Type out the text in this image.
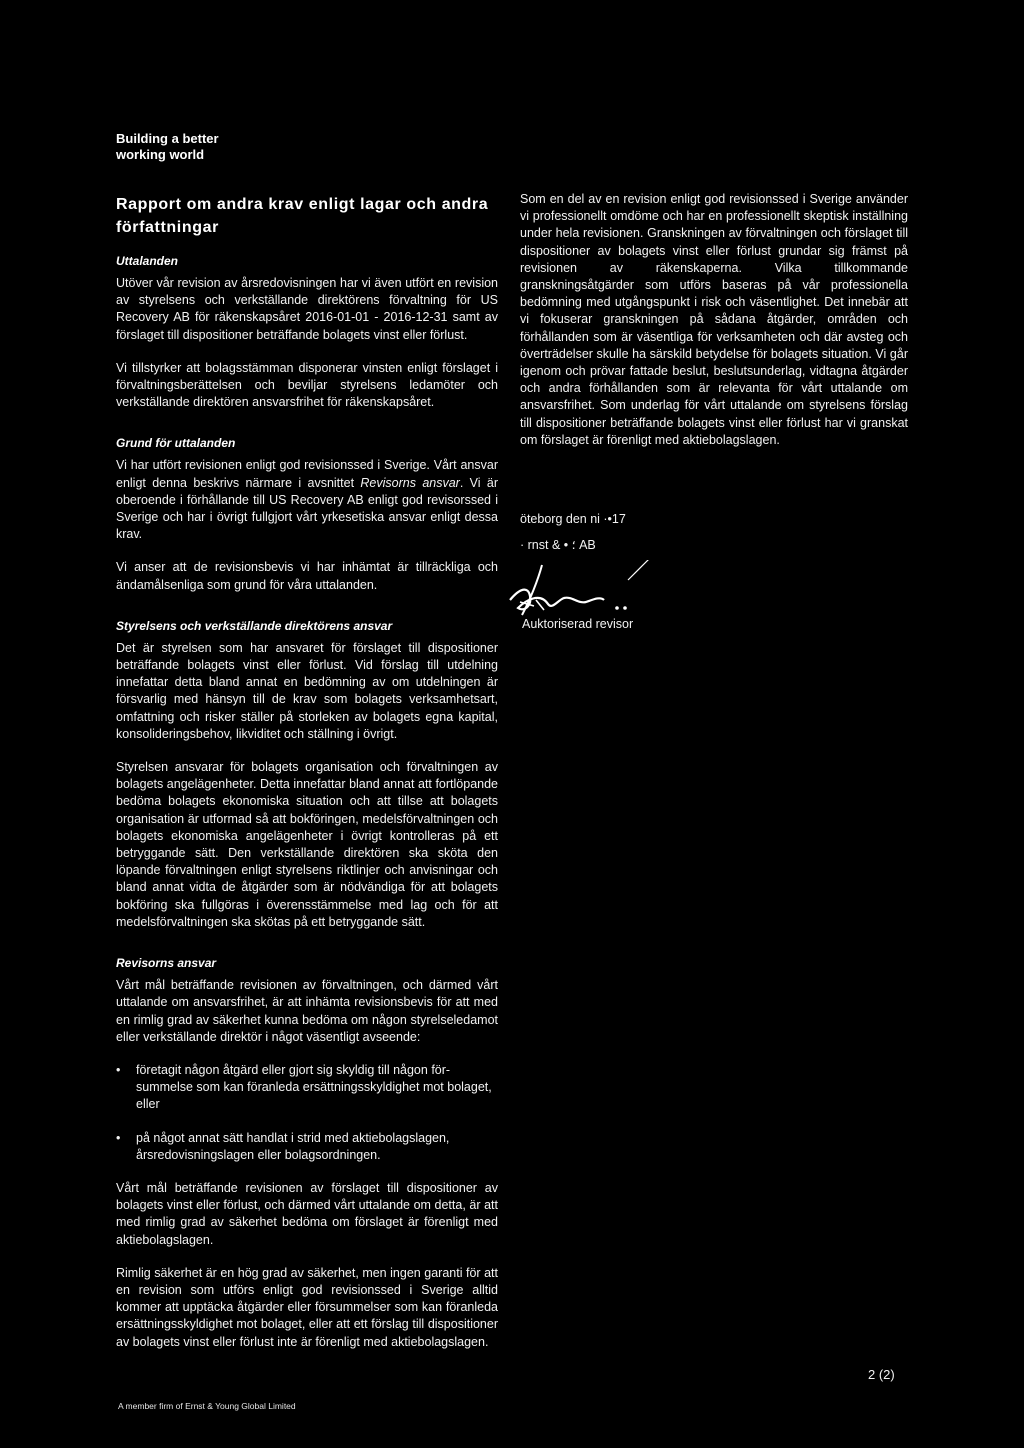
Building a better
working world
Rapport om andra krav enligt lagar och andra författningar
Uttalanden

Utöver vår revision av årsredovisningen har vi även utfört en revision av styrelsens och verkställande direktörens förvaltning för US Recovery AB för räkenskapsåret 2016-01-01 - 2016-12-31 samt av förslaget till dispositioner beträffande bolagets vinst eller förlust.

Vi tillstyrker att bolagsstämman disponerar vinsten enligt förslaget i förvaltningsberättelsen och beviljar styrelsens ledamöter och verkställande direktören ansvarsfrihet för räkenskapsåret.

Grund för uttalanden

Vi har utfört revisionen enligt god revisionssed i Sverige. Vårt ansvar enligt denna beskrivs närmare i avsnittet Revisorns ansvar. Vi är oberoende i förhållande till US Recovery AB enligt god revisorssed i Sverige och har i övrigt fullgjort vårt yrkesetiska ansvar enligt dessa krav.

Vi anser att de revisionsbevis vi har inhämtat är tillräckliga och ändamålsenliga som grund för våra uttalanden.

Styrelsens och verkställande direktörens ansvar

Det är styrelsen som har ansvaret för förslaget till dispositioner beträffande bolagets vinst eller förlust. Vid förslag till utdelning innefattar detta bland annat en bedömning av om utdelningen är försvarlig med hänsyn till de krav som bolagets verksamhetsart, omfattning och risker ställer på storleken av bolagets egna kapital, konsolideringsbehov, likviditet och ställning i övrigt.

Styrelsen ansvarar för bolagets organisation och förvaltningen av bolagets angelägenheter. Detta innefattar bland annat att fortlöpande bedöma bolagets ekonomiska situation och att tillse att bolagets organisation är utformad så att bokföringen, medelsförvaltningen och bolagets ekonomiska angelägenheter i övrigt kontrolleras på ett betryggande sätt. Den verkställande direktören ska sköta den löpande förvaltningen enligt styrelsens riktlinjer och anvisningar och bland annat vidta de åtgärder som är nödvändiga för att bolagets bokföring ska fullgöras i överensstämmelse med lag och för att medelsförvaltningen ska skötas på ett betryggande sätt.

Revisorns ansvar

Vårt mål beträffande revisionen av förvaltningen, och därmed vårt uttalande om ansvarsfrihet, är att inhämta revisionsbevis för att med en rimlig grad av säkerhet kunna bedöma om någon styrelseledamot eller verkställande direktör i något väsentligt avseende:

• företagit någon åtgärd eller gjort sig skyldig till någon försummelse som kan föranleda ersättningsskyldighet mot bolaget, eller
• på något annat sätt handlat i strid med aktiebolagslagen, årsredovisningslagen eller bolagsordningen.

Vårt mål beträffande revisionen av förslaget till dispositioner av bolagets vinst eller förlust, och därmed vårt uttalande om detta, är att med rimlig grad av säkerhet bedöma om förslaget är förenligt med aktiebolagslagen.

Rimlig säkerhet är en hög grad av säkerhet, men ingen garanti för att en revision som utförs enligt god revisionssed i Sverige alltid kommer att upptäcka åtgärder eller försummelser som kan föranleda ersättningsskyldighet mot bolaget, eller att ett förslag till dispositioner av bolagets vinst eller förlust inte är förenligt med aktiebolagslagen.

Som en del av en revision enligt god revisionssed i Sverige använder vi professionellt omdöme och har en professionellt skeptisk inställning under hela revisionen. Granskningen av förvaltningen och förslaget till dispositioner av bolagets vinst eller förlust grundar sig främst på revisionen av räkenskaperna. Vilka tillkommande granskningsåtgärder som utförs baseras på vår professionella bedömning med utgångspunkt i risk och väsentlighet. Det innebär att vi fokuserar granskningen på sådana åtgärder, områden och förhållanden som är väsentliga för verksamheten och där avsteg och överträdelser skulle ha särskild betydelse för bolagets situation. Vi går igenom och prövar fattade beslut, beslutsunderlag, vidtagna åtgärder och andra förhållanden som är relevanta för vårt uttalande om ansvarsfrihet. Som underlag för vårt uttalande om styrelsens förslag till dispositioner beträffande bolagets vinst eller förlust har vi granskat om förslaget är förenligt med aktiebolagslagen.

öteborg den ni ·‌•17
· rnst & • ؛ AB
Auktoriserad revisor
2 (2)
A member firm of Ernst & Young Global Limited
